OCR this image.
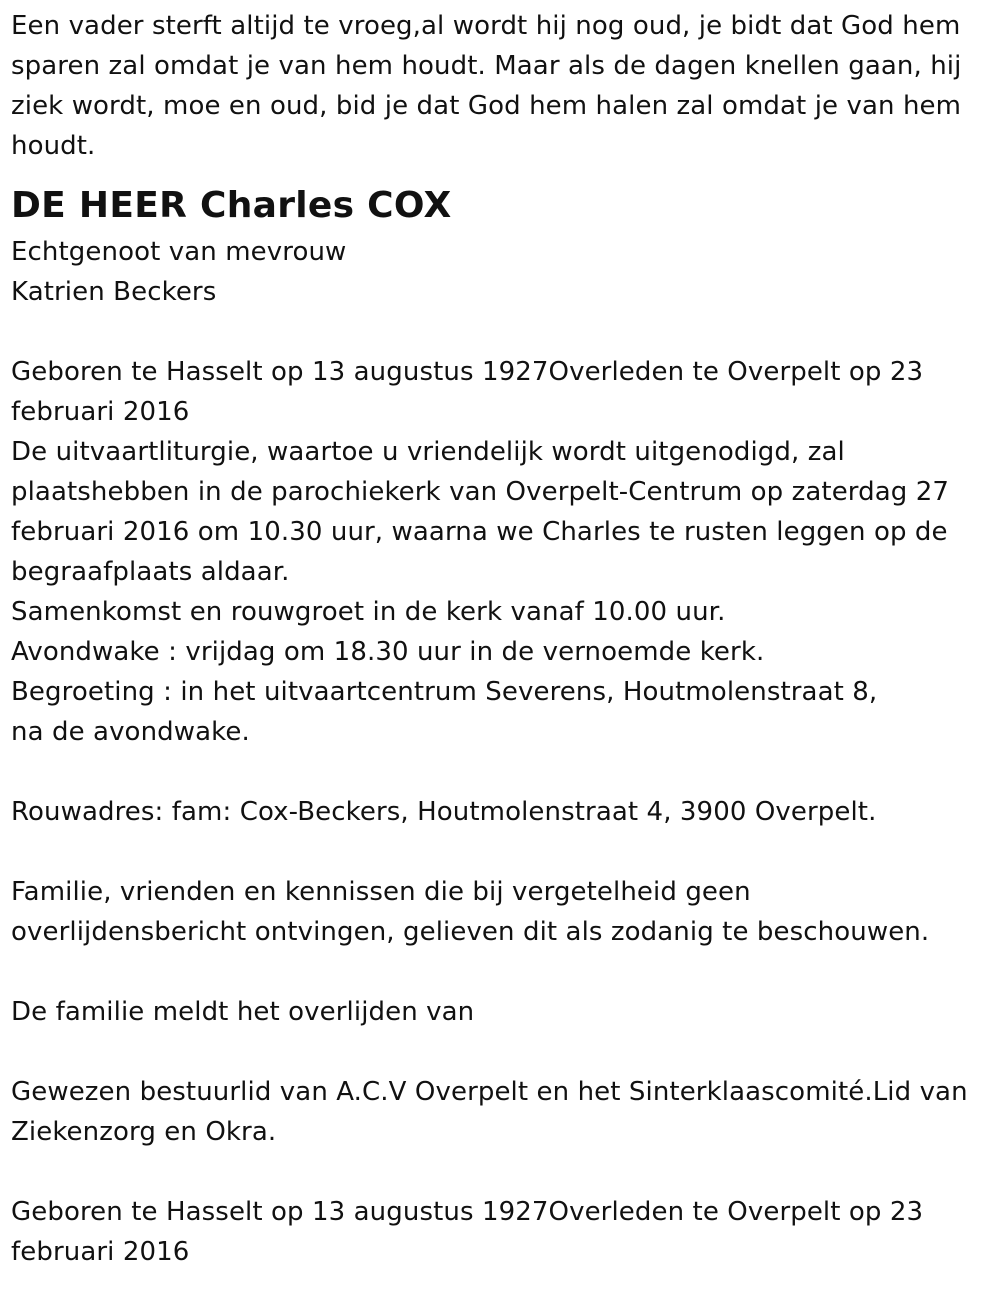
Een vader sterft altijd te vroeg,al wordt hij nog oud, je bidt dat God hem
sparen zal omdat je van hem houdt. Maar als de dagen knellen gaan, hij
ziek wordt, moe en oud, bid je dat God hem halen zal omdat je van hem
houdt.
DE HEER Charles COX
Echtgenoot van mevrouw
Katrien Beckers
Geboren te Hasselt op 13 augustus 1927Overleden te Overpelt op 23
februari 2016
De uitvaartliturgie, waartoe u vriendelijk wordt uitgenodigd, zal
plaatshebben in de parochiekerk van Overpelt-Centrum op zaterdag 27
februari 2016 om 10.30 uur, waarna we Charles te rusten leggen op de
begraafplaats aldaar.
Samenkomst en rouwgroet in de kerk vanaf 10.00 uur.
Avondwake : vrijdag om 18.30 uur in de vernoemde kerk.
Begroeting : in het uitvaartcentrum Severens, Houtmolenstraat 8,
na de avondwake.
Rouwadres: fam: Cox-Beckers, Houtmolenstraat 4, 3900 Overpelt.
Familie, vrienden en kennissen die bij vergetelheid geen
overlijdensbericht ontvingen, gelieven dit als zodanig te beschouwen.
De familie meldt het overlijden van
Gewezen bestuurlid van A.C.V Overpelt en het Sinterklaascomité.Lid van
Ziekenzorg en Okra.
Geboren te Hasselt op 13 augustus 1927Overleden te Overpelt op 23
februari 2016
